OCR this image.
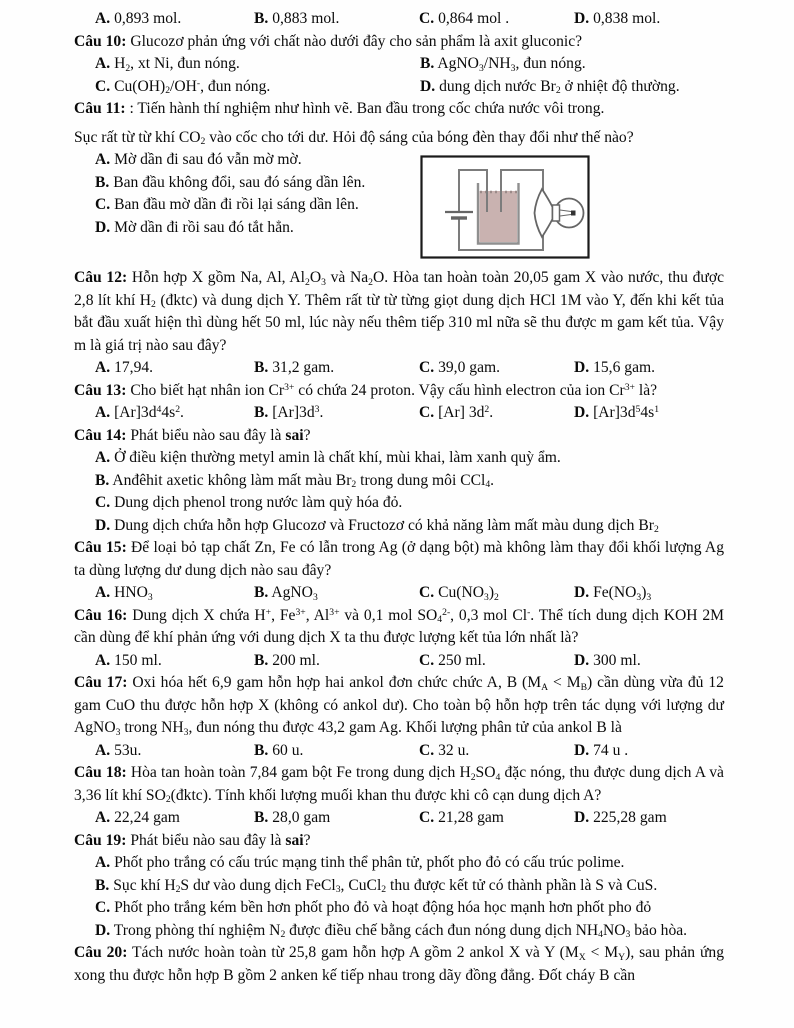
A. 0,893 mol.	B. 0,883 mol.	C. 0,864 mol .	D. 0,838 mol.

Câu 10: Glucozơ phản ứng với chất nào dưới đây cho sản phẩm là axit gluconic?

A. $H_2$, xt Ni, đun nóng.	B. $AgNO_3/NH_3$, đun nóng.
C. $Cu(OH)_2/OH^-$, đun nóng.	D. dung dịch nước $Br_2$ ở nhiệt độ thường.

Câu 11: : Tiến hành thí nghiệm như hình vẽ. Ban đầu trong cốc chứa nước vôi trong.

Sục rất từ từ khí $CO_2$ vào cốc cho tới dư. Hỏi độ sáng của bóng đèn thay đổi như thế nào?

A. Mờ dần đi sau đó vẫn mờ mờ.

B. Ban đầu không đổi, sau đó sáng dần lên.

C. Ban đầu mờ dần đi rồi lại sáng dần lên.

D. Mờ dần đi rồi sau đó tắt hẳn.

Câu 12: Hỗn hợp X gồm Na, Al, $Al_2O_3$ và $Na_2O$. Hòa tan hoàn toàn 20,05 gam X vào nước, thu được 2,8 lít khí $H_2$ (đktc) và dung dịch Y. Thêm rất từ từ từng giọt dung dịch HCl 1M vào Y, đến khi kết tủa bắt đầu xuất hiện thì dùng hết 50 ml, lúc này nếu thêm tiếp 310 ml nữa sẽ thu được m gam kết tủa. Vậy m là giá trị nào sau đây?

A. 17,94.	B. 31,2 gam.	C. 39,0 gam.	D. 15,6 gam.

Câu 13: Cho biết hạt nhân ion $Cr^{3+}$ có chứa 24 proton. Vậy cấu hình electron của ion $Cr^{3+}$ là?

A. $[Ar]3d^44s^2$.	B. $[Ar]3d^3$.	C. [Ar] $3d^2$.	D. $[Ar]3d^54s^1$

Câu 14: Phát biểu nào sau đây là sai?

A. Ở điều kiện thường metyl amin là chất khí, mùi khai, làm xanh quỳ ẩm.

B. Anđêhit axetic không làm mất màu $Br_2$ trong dung môi CCl$_4$.

C. Dung dịch phenol trong nước làm quỳ hóa đỏ.

D. Dung dịch chứa hỗn hợp Glucozơ và Fructozơ có khả năng làm mất màu dung dịch $Br_2$

Câu 15: Để loại bỏ tạp chất Zn, Fe có lẫn trong Ag (ở dạng bột) mà không làm thay đổi khối lượng Ag ta dùng lượng dư dung dịch nào sau đây?

A. $HNO_3$	B. AgNO$_3$	C. $Cu(NO_3)_2$	D. $Fe(NO_3)_3$

Câu 16: Dung dịch X chứa H+, $Fe^{3+}$, $Al^{3+}$ và 0,1 mol $SO_4^{2-}$, 0,3 mol Cl-. Thể tích dung dịch KOH 2M cần dùng để khí phản ứng với dung dịch X ta thu được lượng kết tủa lớn nhất là?

A. 150 ml.	B. 200 ml.	C. 250 ml.	D. 300 ml.

Câu 17: Oxi hóa hết 6,9 gam hỗn hợp hai ankol đơn chức chức A, B $(M_A < M_B)$ cần dùng vừa đủ 12 gam CuO thu được hỗn hợp X (không có ankol dư). Cho toàn bộ hỗn hợp trên tác dụng với lượng dư AgNO$_3$ trong $NH_3$, đun nóng thu được 43,2 gam Ag. Khối lượng phân tử của ankol B là

A. 53u.	B. 60 u.	C. 32 u.	D. 74 u .

Câu 18: Hòa tan hoàn toàn 7,84 gam bột Fe trong dung dịch $H_2SO_4$ đặc nóng, thu được dung dịch A và 3,36 lít khí $SO_2(đktc)$. Tính khối lượng muối khan thu được khi cô cạn dung dịch A?

A. 22,24 gam	B. 28,0 gam	C. 21,28 gam	D. 225,28 gam

Câu 19: Phát biểu nào sau đây là sai?

A. Phốt pho trắng có cấu trúc mạng tinh thể phân tử, phốt pho đỏ có cấu trúc polime.

B. Sục khí $H_2S$ dư vào dung dịch FeCl$_3$, CuCl$_2$ thu được kết tử có thành phần là S và CuS.

C. Phốt pho trắng kém bền hơn phốt pho đỏ và hoạt động hóa học mạnh hơn phốt pho đỏ

D. Trong phòng thí nghiệm $N_2$ được điều chế bằng cách đun nóng dung dịch $NH_4NO_3$ bảo hòa.

Câu 20: Tách nước hoàn toàn từ 25,8 gam hỗn hợp A gồm 2 ankol X và Y $(M_X < M_Y)$, sau phản ứng xong thu được hỗn hợp B gồm 2 anken kế tiếp nhau trong dãy đồng đẳng. Đốt cháy B cần
